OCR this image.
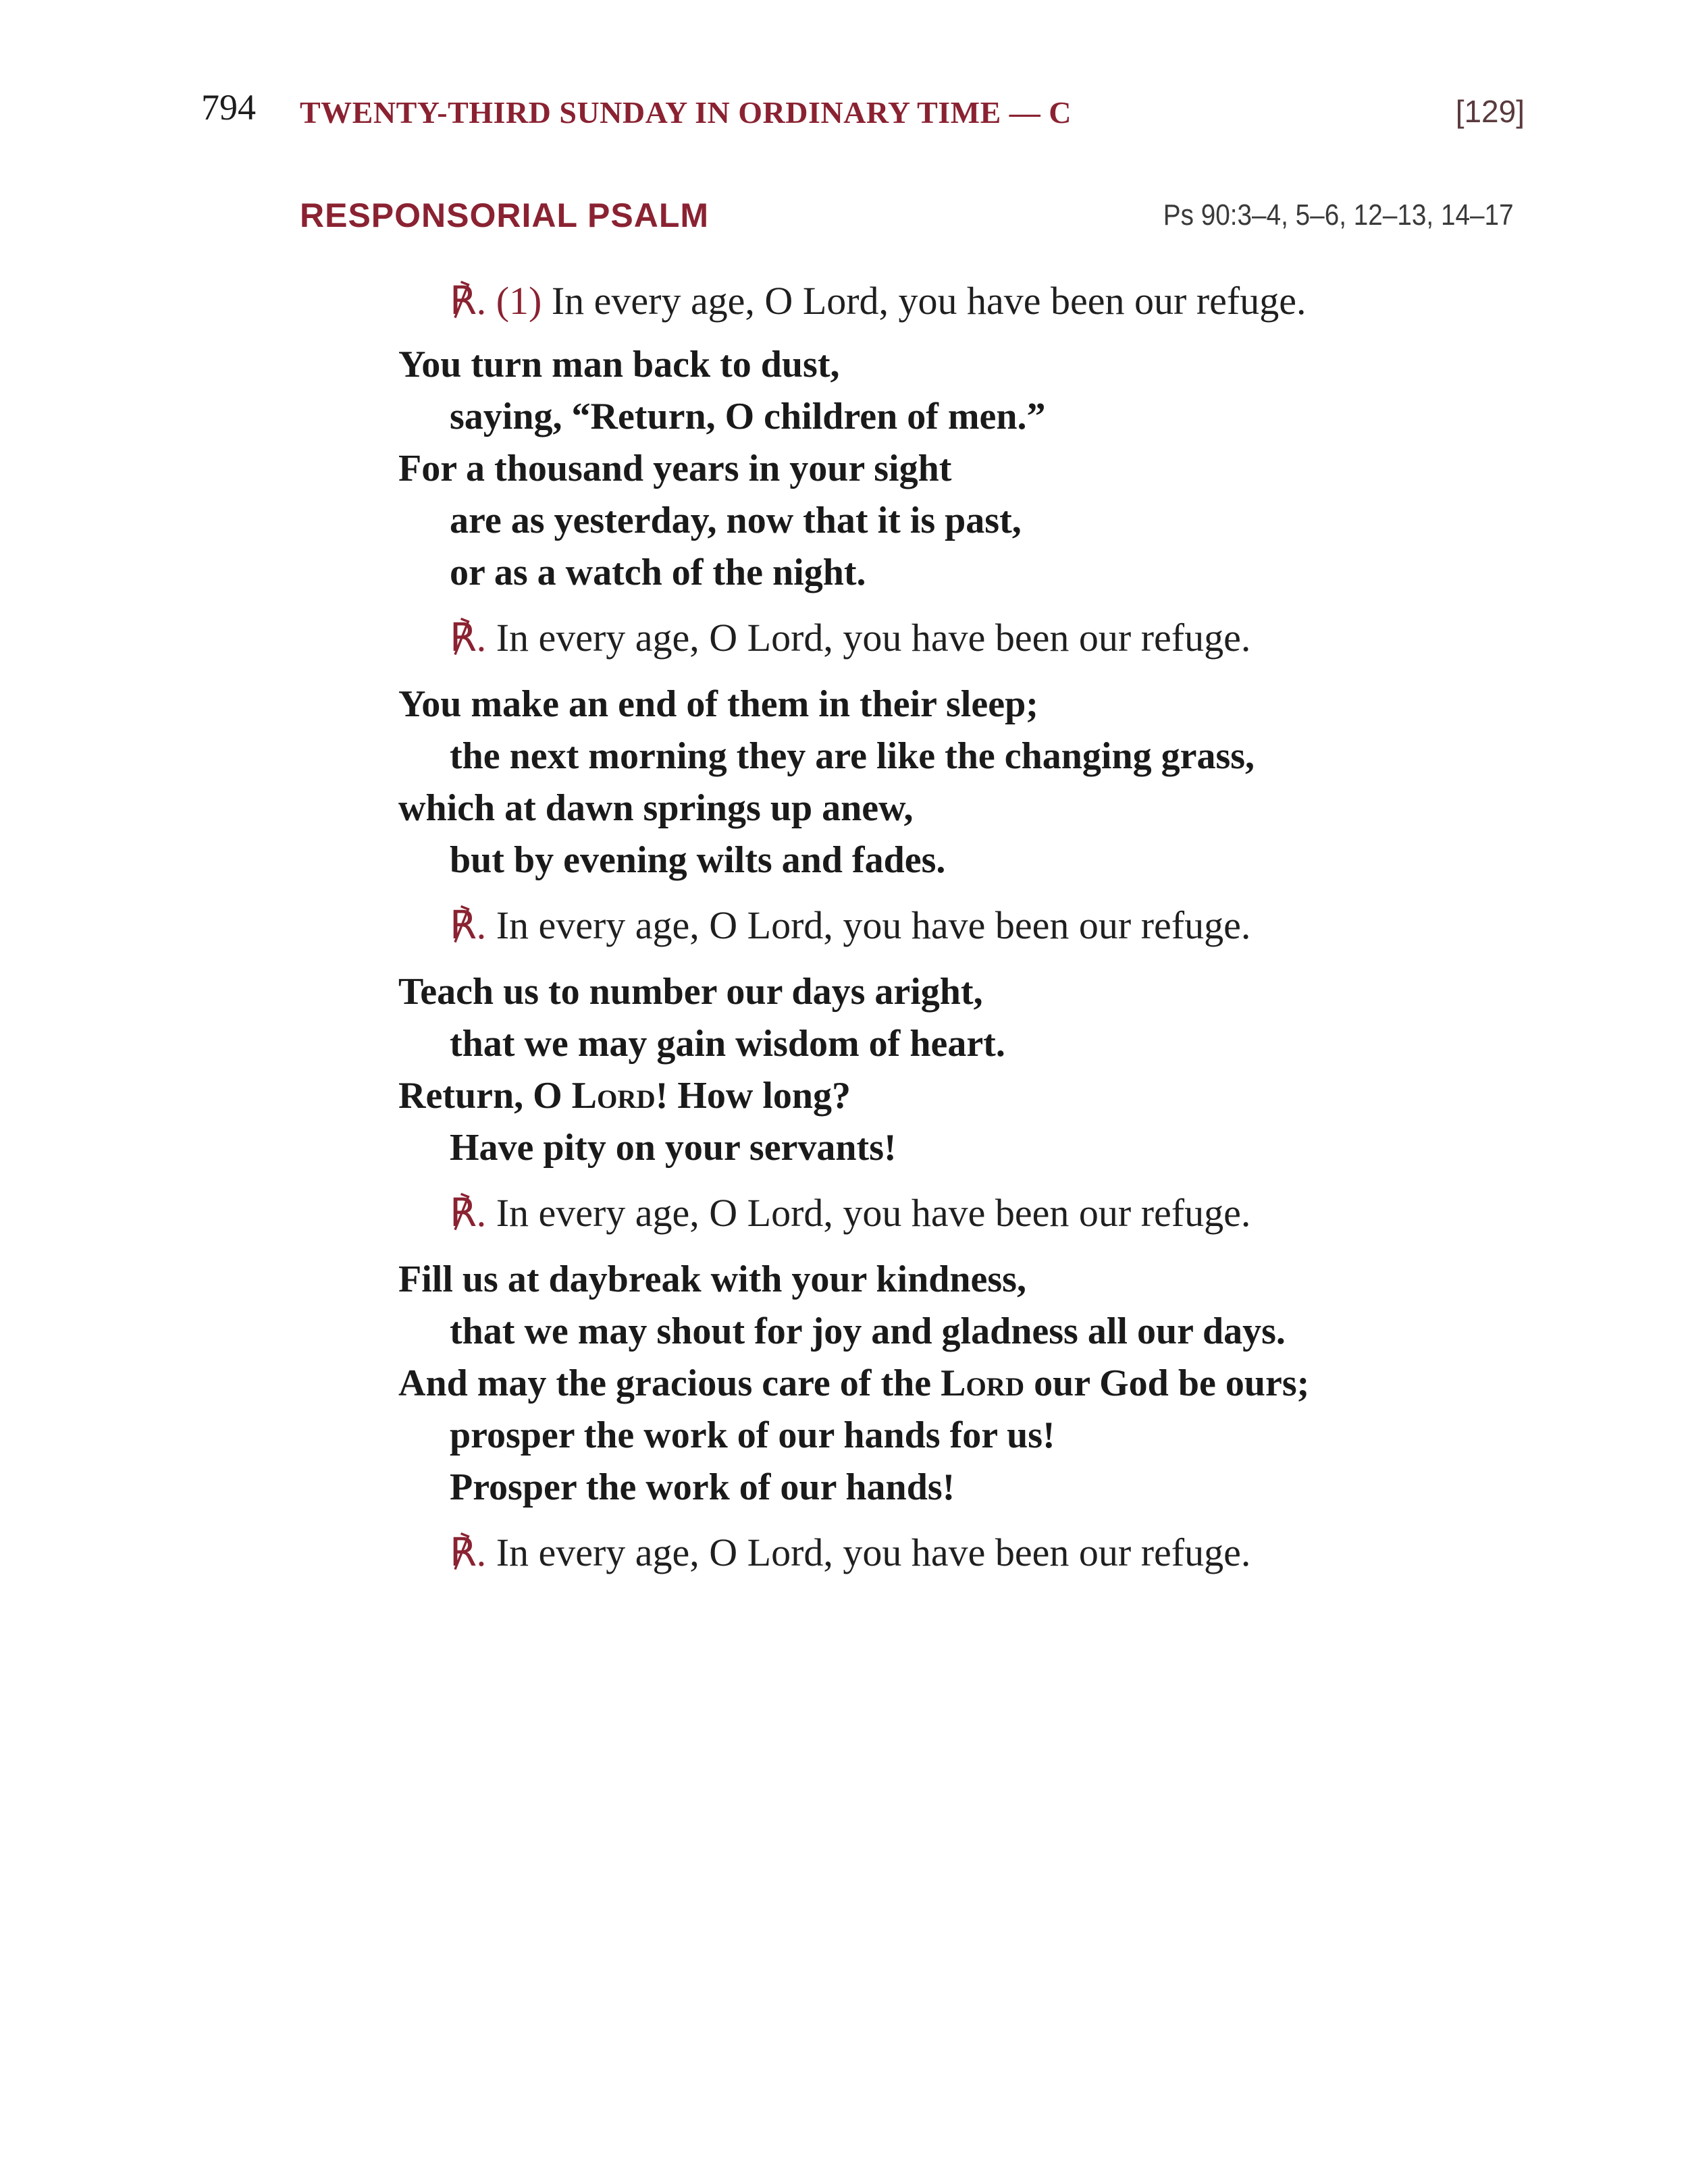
794 TWENTY-THIRD SUNDAY IN ORDINARY TIME — C	[129]
RESPONSORIAL PSALM	Ps 90:3–4, 5–6, 12–13, 14–17
℟. (1) In every age, O Lord, you have been our refuge.
You turn man back to dust,
saying, “Return, O children of men.”
For a thousand years in your sight
are as yesterday, now that it is past,
or as a watch of the night.
℟. In every age, O Lord, you have been our refuge.
You make an end of them in their sleep;
the next morning they are like the changing grass,
which at dawn springs up anew,
but by evening wilts and fades.
℟. In every age, O Lord, you have been our refuge.
Teach us to number our days aright,
that we may gain wisdom of heart.
Return, O Lord! How long?
Have pity on your servants!
℟. In every age, O Lord, you have been our refuge.
Fill us at daybreak with your kindness,
that we may shout for joy and gladness all our days.
And may the gracious care of the Lord our God be ours;
prosper the work of our hands for us!
Prosper the work of our hands!
℟. In every age, O Lord, you have been our refuge.
